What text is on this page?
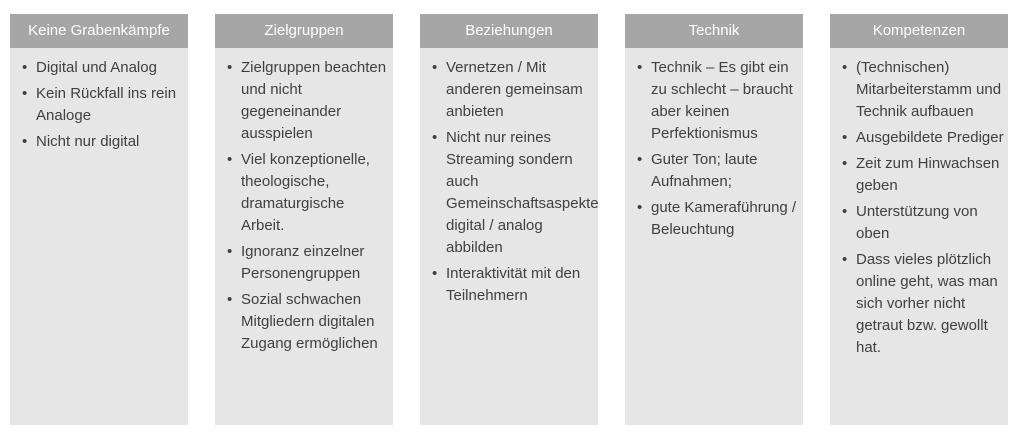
Keine Grabenkämpfe
• Digital und Analog
• Kein Rückfall ins rein Analoge
• Nicht nur digital
Zielgruppen
• Zielgruppen beachten und nicht gegeneinander ausspielen
• Viel konzeptionelle, theologische, dramaturgische Arbeit.
• Ignoranz einzelner Personengruppen
• Sozial schwachen Mitgliedern digitalen Zugang ermöglichen
Beziehungen
• Vernetzen / Mit anderen gemeinsam anbieten
• Nicht nur reines Streaming sondern auch Gemeinschaftsaspekte digital / analog abbilden
• Interaktivität mit den Teilnehmern
Technik
• Technik – Es gibt ein zu schlecht – braucht aber keinen Perfektionismus
• Guter Ton; laute Aufnahmen;
• gute Kameraführung / Beleuchtung
Kompetenzen
• (Technischen) Mitarbeiterstamm und Technik aufbauen
• Ausgebildete Prediger
• Zeit zum Hinwachsen geben
• Unterstützung von oben
• Dass vieles plötzlich online geht, was man sich vorher nicht getraut bzw. gewollt hat.
